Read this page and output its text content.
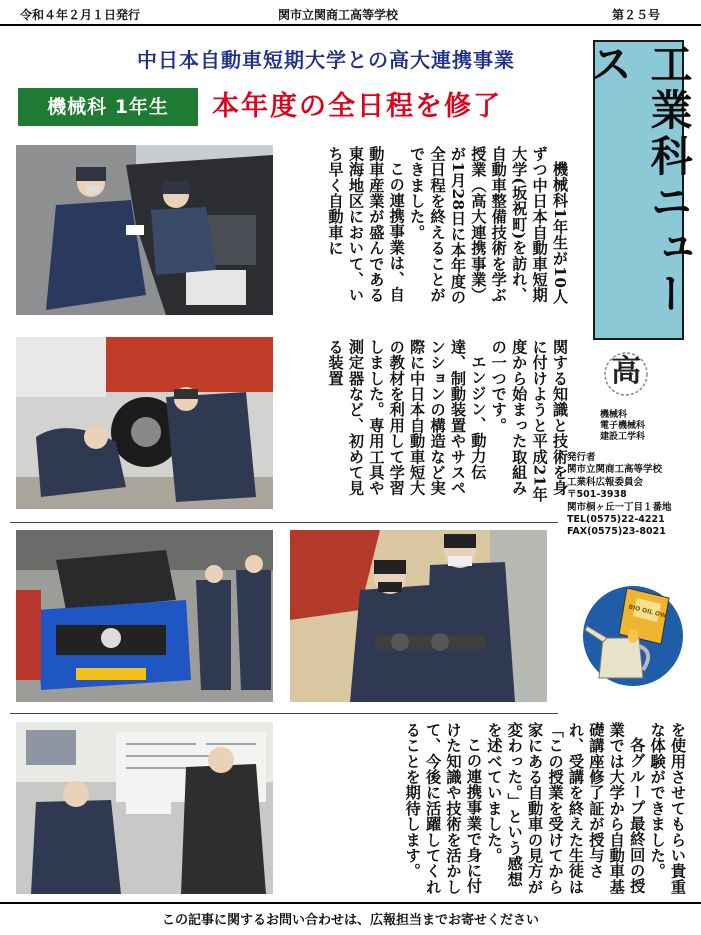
令和４年２月１日発行	関市立関商工高等学校	第２５号
中日本自動車短期大学との高大連携事業
機械科 1年生	本年度の全日程を修了

機械科1年生が10人ずつ中日本自動車短期大学(坂祝町)を訪れ、自動車整備技術を学ぶ授業（高大連携事業）が1月28日に本年度の全日程を終えることができました。

この連携事業は、自動車産業が盛んである東海地区において、いち早く自動車に

関する知識と技術を身に付けようと平成21年度から始まった取組みの一つです。

エンジン、動力伝達、制動装置やサスペンションの構造など実際に中日本自動車短大の教材を利用して学習しました。専用工具や測定器など、初めて見る装置

を使用させてもらい貴重な体験ができました。

各グループ最終回の授業では大学から自動車基礎講座修了証が授与され、受講を終えた生徒は「この授業を受けてから家にある自動車の見方が変わった。」という感想を述べていました。

この連携事業で身に付けた知識や技術を活かして、今後に活躍してくれることを期待します。

工業科ニュース
高
機械科
電子機械科
建設工学科
発行者
関市立関商工高等学校
工業科広報委員会
〒501-3938
関市桐ヶ丘一丁目１番地
TEL(0575)22-4221
FAX(0575)23-8021
BIO OIL OW
この記事に関するお問い合わせは、広報担当までお寄せください
